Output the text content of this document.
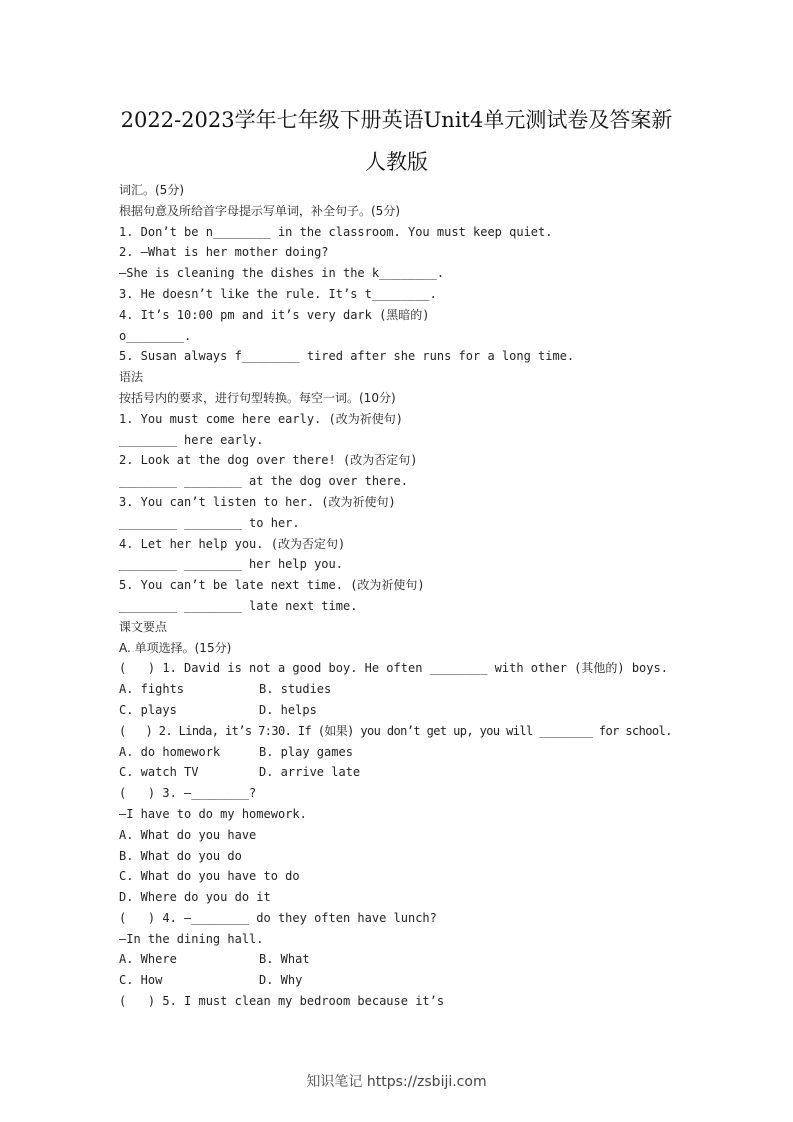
2022-2023学年七年级下册英语Unit4单元测试卷及答案新
人教版
词汇。(5分)
根据句意及所给首字母提示写单词，补全句子。(5分)
1. Don’t be n________ in the classroom. You must keep quiet.
2. —What is her mother doing?
—She is cleaning the dishes in the k________.
3. He doesn’t like the rule. It’s t________.
4. It’s 10:00 pm and it’s very dark (黑暗的)
o________.
5. Susan always f________ tired after she runs for a long time.
语法
按括号内的要求，进行句型转换。每空一词。(10分)
1. You must come here early. (改为祈使句)
________ here early.
2. Look at the dog over there! (改为否定句)
________ ________ at the dog over there.
3. You can’t listen to her. (改为祈使句)
________ ________ to her.
4. Let her help you. (改为否定句)
________ ________ her help you.
5. You can’t be late next time. (改为祈使句)
________ ________ late next time.
课文要点
A. 单项选择。(15分)
(   ) 1. David is not a good boy. He often ________ with other (其他的) boys.

A. fights

	B. studies

C. plays

	D. helps

(   ) 2. Linda, it’s 7:30. If (如果) you don’t get up, you will ________ for school.

A. do homework

	B. play games

C. watch TV

	D. arrive late

(   ) 3. —________?
—I have to do my homework.
A. What do you have
B. What do you do
C. What do you have to do
D. Where do you do it
(   ) 4. —________ do they often have lunch?
—In the dining hall.

A. Where

	B. What

C. How

	D. Why

(   ) 5. I must clean my bedroom because it’s
知识笔记 https://zsbiji.com
